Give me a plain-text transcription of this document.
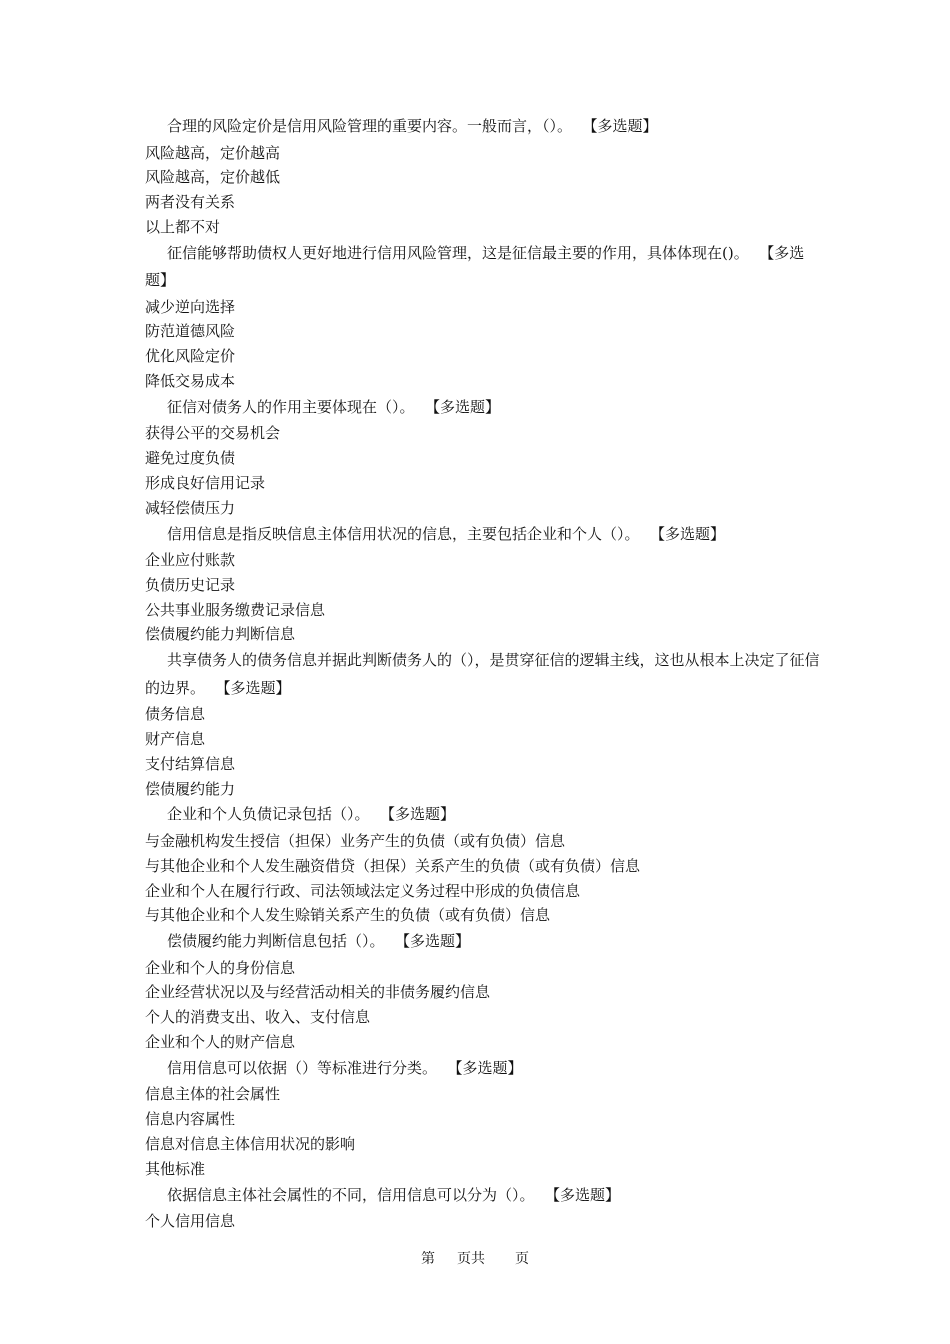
合理的风险定价是信用风险管理的重要内容。一般而言，（）。 【多选题】

风险越高，定价越高

风险越高，定价越低

两者没有关系

以上都不对

征信能够帮助债权人更好地进行信用风险管理，这是征信最主要的作用，具体体现在()。 【多选题】

减少逆向选择

防范道德风险

优化风险定价

降低交易成本

征信对债务人的作用主要体现在（）。 【多选题】

获得公平的交易机会

避免过度负债

形成良好信用记录

减轻偿债压力

信用信息是指反映信息主体信用状况的信息，主要包括企业和个人（）。 【多选题】

企业应付账款

负债历史记录

公共事业服务缴费记录信息

偿债履约能力判断信息

共享债务人的债务信息并据此判断债务人的（），是贯穿征信的逻辑主线，这也从根本上决定了征信的边界。 【多选题】

债务信息

财产信息

支付结算信息

偿债履约能力

企业和个人负债记录包括（）。 【多选题】

与金融机构发生授信（担保）业务产生的负债（或有负债）信息

与其他企业和个人发生融资借贷（担保）关系产生的负债（或有负债）信息

企业和个人在履行行政、司法领域法定义务过程中形成的负债信息

与其他企业和个人发生赊销关系产生的负债（或有负债）信息

偿债履约能力判断信息包括（）。 【多选题】

企业和个人的身份信息

企业经营状况以及与经营活动相关的非债务履约信息

个人的消费支出、收入、支付信息

企业和个人的财产信息

信用信息可以依据（）等标准进行分类。 【多选题】

信息主体的社会属性

信息内容属性

信息对信息主体信用状况的影响

其他标准

依据信息主体社会属性的不同，信用信息可以分为（）。 【多选题】

个人信用信息

第 页共 页
